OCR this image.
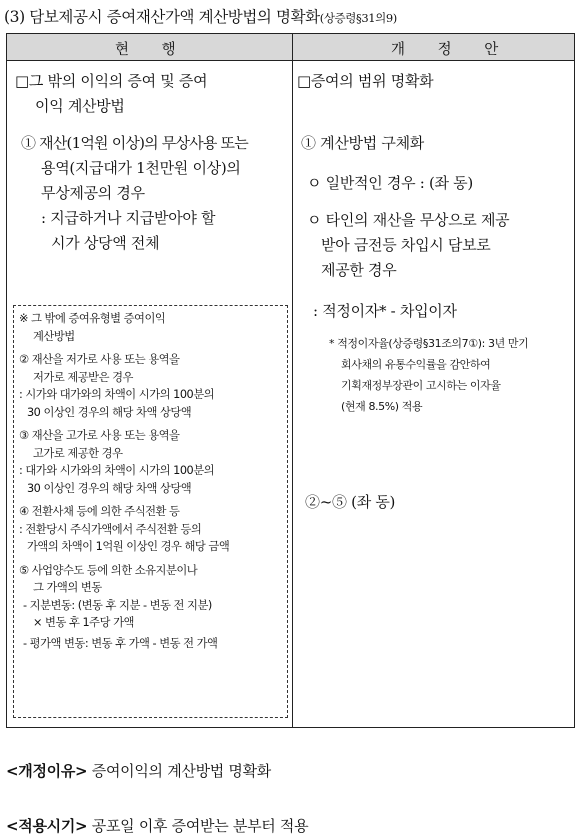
(3) 담보제공시 증여재산가액 계산방법의 명확화(상증령§31의9)
현 행	개 정 안

□그 밖의 이익의 증여 및 증여

이익 계산방법

① 재산(1억원 이상)의 무상사용 또는

용역(지급대가 1천만원 이상)의

무상제공의 경우

: 지급하거나 지급받아야 할

시가 상당액 전체

※ 그 밖에 증여유형별 증여이익

계산방법

② 재산을 저가로 사용 또는 용역을

저가로 제공받은 경우

: 시가와 대가와의 차액이 시가의 100분의

30 이상인 경우의 해당 차액 상당액

③ 재산을 고가로 사용 또는 용역을

고가로 제공한 경우

: 대가와 시가와의 차액이 시가의 100분의

30 이상인 경우의 해당 차액 상당액

④ 전환사채 등에 의한 주식전환 등

: 전환당시 주식가액에서 주식전환 등의

가액의 차액이 1억원 이상인 경우 해당 금액

⑤ 사업양수도 등에 의한 소유지분이나

그 가액의 변동

- 지분변동: (변동 후 지분 - 변동 전 지분)

× 변동 후 1주당 가액

- 평가액 변동: 변동 후 가액 - 변동 전 가액

□증여의 범위 명확화
① 계산방법 구체화
ㅇ 일반적인 경우 : (좌 동)

ㅇ 타인의 재산을 무상으로 제공

받아 금전등 차입시 담보로

제공한 경우

: 적정이자* - 차입이자

* 적정이자율(상증령§31조의7①): 3년 만기

회사채의 유통수익률을 감안하여

기획재정부장관이 고시하는 이자율

(현재 8.5%) 적용

②~⑤ (좌 동)
<개정이유> 증여이익의 계산방법 명확화
<적용시기> 공포일 이후 증여받는 분부터 적용
